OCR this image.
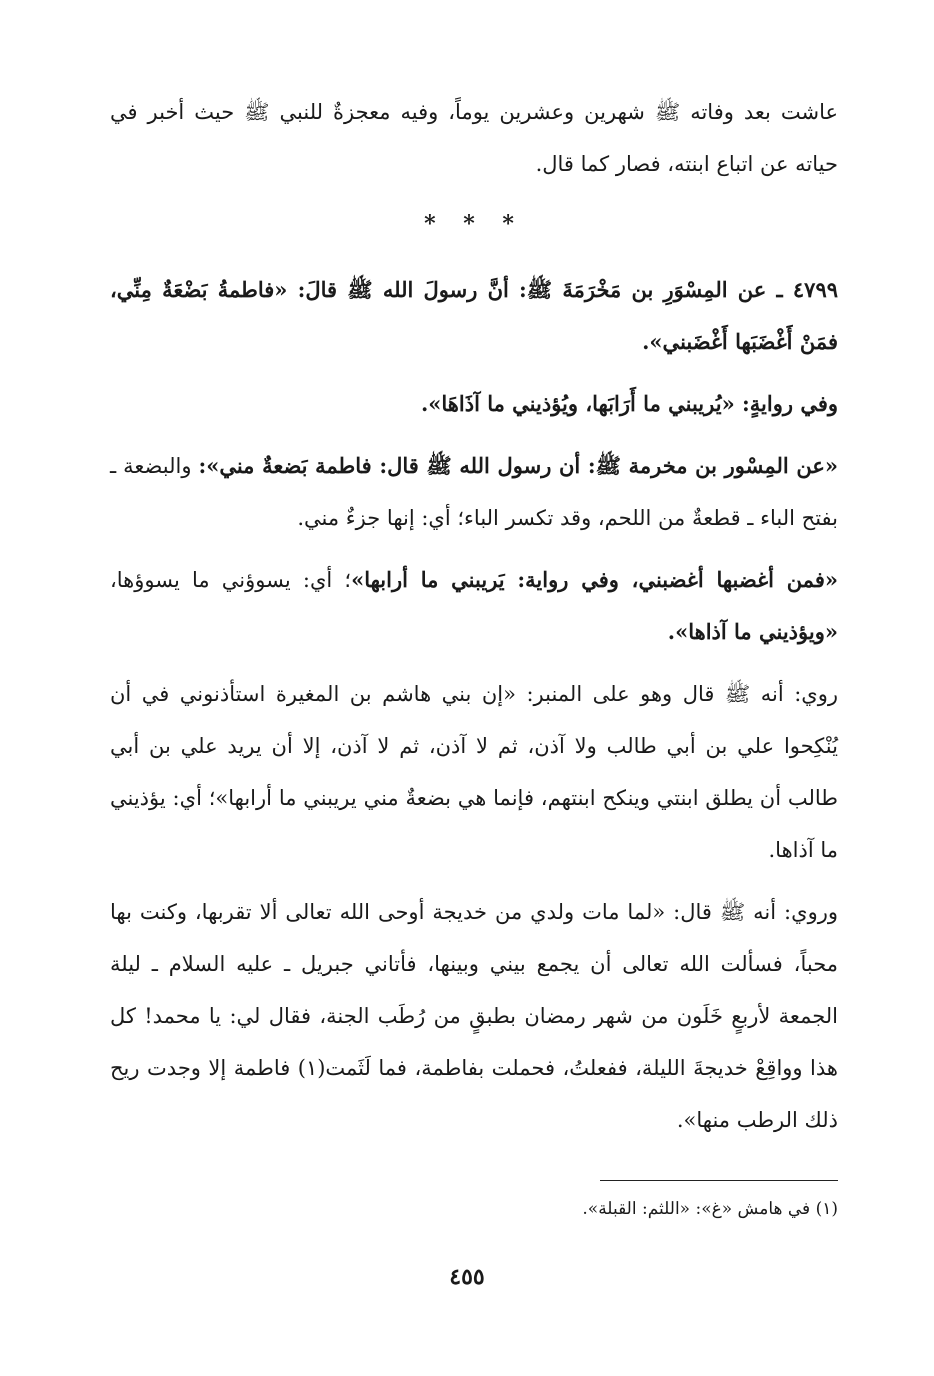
عاشت بعد وفاته ﷺ شهرين وعشرين يوماً، وفيه معجزةٌ للنبي ﷺ حيث أخبر في حياته عن اتباع ابنته، فصار كما قال.

* * *

٤٧٩٩ ـ عن المِسْوَرِ بن مَخْرَمَةَ ﷺ: أنَّ رسولَ الله ﷺ قالَ: «فاطمةُ بَضْعَةٌ مِنِّي، فمَنْ أَغْضَبَها أَغْضَبني».

وفي روايةٍ: «يُريبني ما أَرَابَها، ويُؤذيني ما آذَاهَا».

«عن المِسْور بن مخرمة ﷺ: أن رسول الله ﷺ قال: فاطمة بَضعةٌ مني»: والبضعة ـ بفتح الباء ـ قطعةٌ من اللحم، وقد تكسر الباء؛ أي: إنها جزءٌ مني.

«فمن أغضبها أغضبني، وفي رواية: يَريبني ما أرابها»؛ أي: يسوؤني ما يسوؤها، «ويؤذيني ما آذاها».

روي: أنه ﷺ قال وهو على المنبر: «إن بني هاشم بن المغيرة استأذنوني في أن يُنْكِحوا علي بن أبي طالب ولا آذن، ثم لا آذن، ثم لا آذن، إلا أن يريد علي بن أبي طالب أن يطلق ابنتي وينكح ابنتهم، فإنما هي بضعةٌ مني يريبني ما أرابها»؛ أي: يؤذيني ما آذاها.

وروي: أنه ﷺ قال: «لما مات ولدي من خديجة أوحى الله تعالى ألا تقربها، وكنت بها محباً، فسألت الله تعالى أن يجمع بيني وبينها، فأتاني جبريل ـ عليه السلام ـ ليلة الجمعة لأربعٍ خَلَون من شهر رمضان بطبقٍ من رُطَب الجنة، فقال لي: يا محمد! كل هذا وواقِعْ خديجةَ الليلة، ففعلتُ، فحملت بفاطمة، فما لَثَمت(١) فاطمة إلا وجدت ريح ذلك الرطب منها».

(١) في هامش «غ»: «اللثم: القبلة».
٤٥٥
